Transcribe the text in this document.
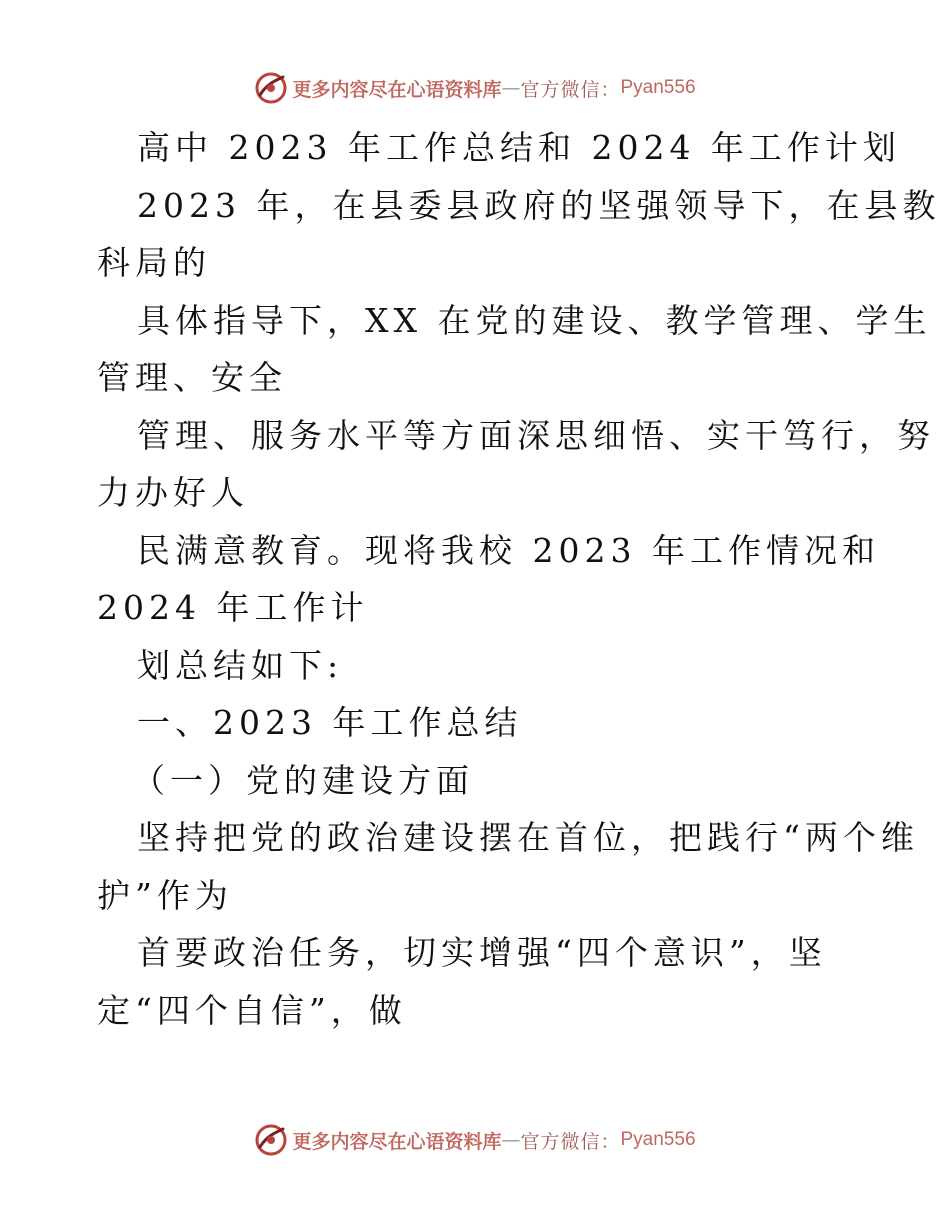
更多内容尽在心语资料库 — 官方微信： Pyan556
高中 2023 年工作总结和 2024 年工作计划
2023 年，在县委县政府的坚强领导下，在县教
科局的
具体指导下，XX 在党的建设、教学管理、学生
管理、安全
管理、服务水平等方面深思细悟、实干笃行，努
力办好人
民满意教育。现将我校 2023 年工作情况和
2024 年工作计
划总结如下:
一、2023 年工作总结
（一）党的建设方面
坚持把党的政治建设摆在首位，把践行“两个维
护”作为
首要政治任务，切实增强“四个意识”，坚
定“四个自信”，做
更多内容尽在心语资料库 — 官方微信： Pyan556
